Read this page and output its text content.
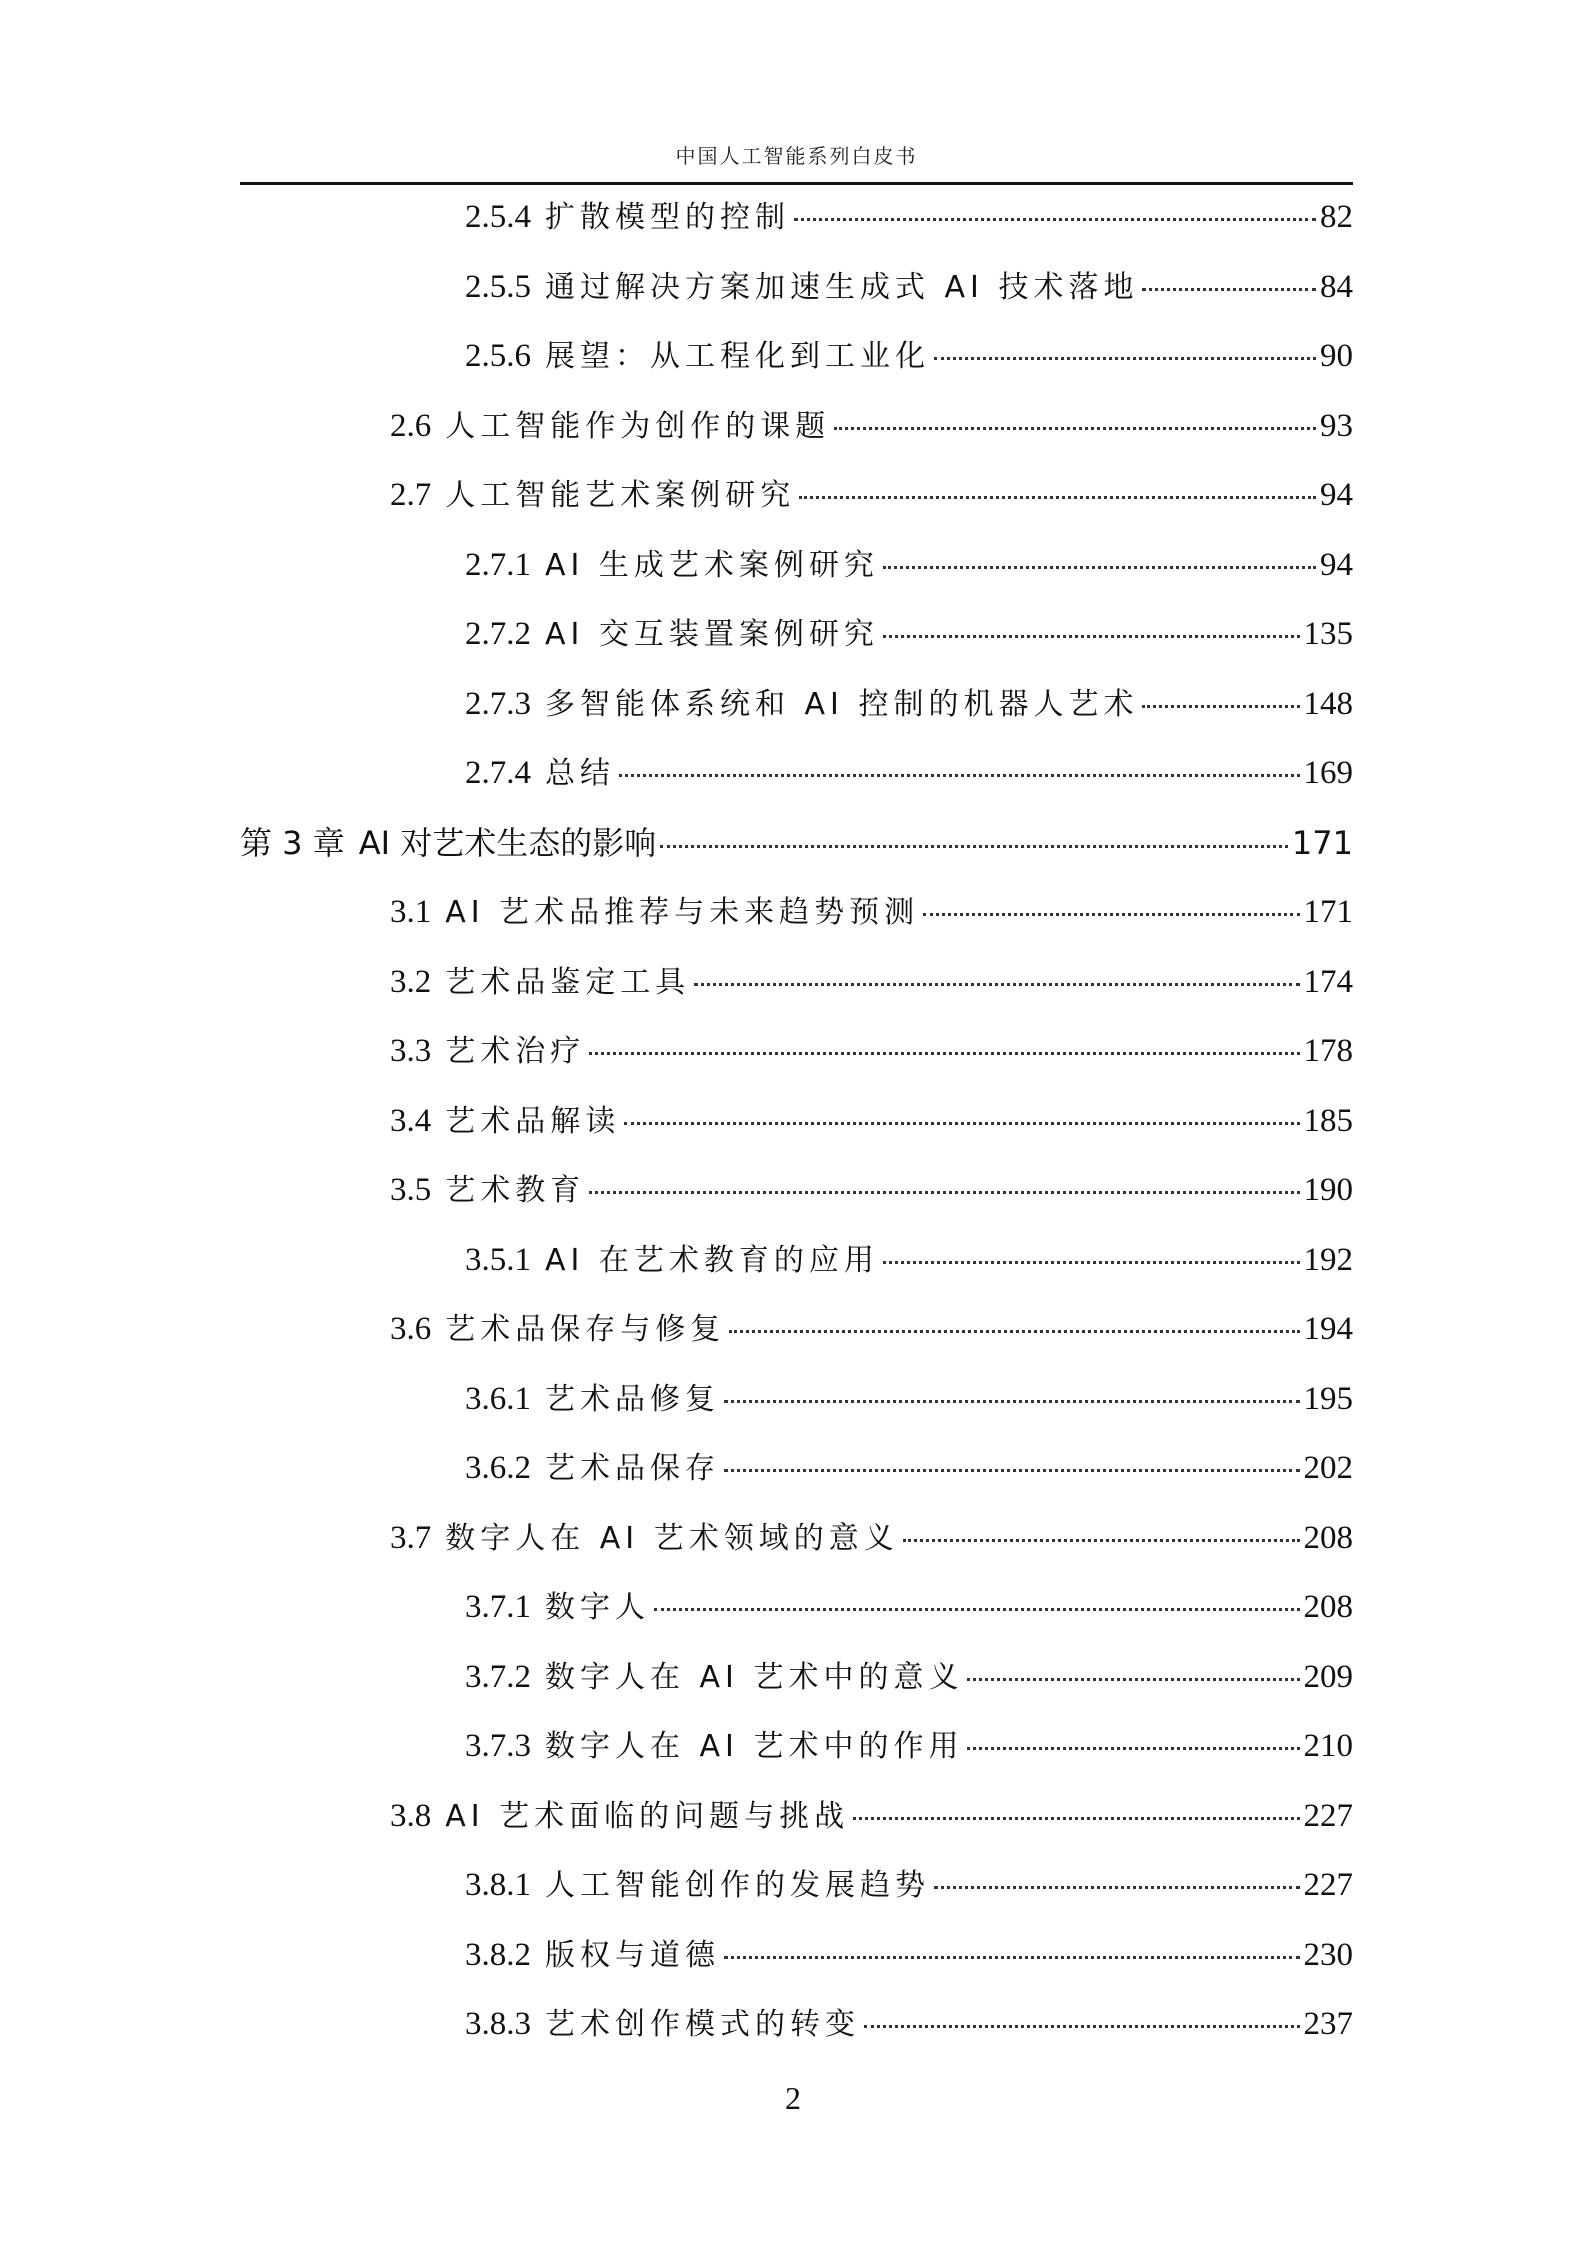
中国人工智能系列白皮书
2.5.4 扩散模型的控制	82
2.5.5 通过解决方案加速生成式 AI 技术落地	84
2.5.6 展望：从工程化到工业化	90
2.6 人工智能作为创作的课题	93
2.7 人工智能艺术案例研究	94
2.7.1 AI 生成艺术案例研究	94
2.7.2 AI 交互装置案例研究	135
2.7.3 多智能体系统和 AI 控制的机器人艺术	148
2.7.4 总结	169
第 3 章 AI 对艺术生态的影响	171
3.1 AI 艺术品推荐与未来趋势预测	171
3.2 艺术品鉴定工具	174
3.3 艺术治疗	178
3.4 艺术品解读	185
3.5 艺术教育	190
3.5.1 AI 在艺术教育的应用	192
3.6 艺术品保存与修复	194
3.6.1 艺术品修复	195
3.6.2 艺术品保存	202
3.7 数字人在 AI 艺术领域的意义	208
3.7.1 数字人	208
3.7.2 数字人在 AI 艺术中的意义	209
3.7.3 数字人在 AI 艺术中的作用	210
3.8 AI 艺术面临的问题与挑战	227
3.8.1 人工智能创作的发展趋势	227
3.8.2 版权与道德	230
3.8.3 艺术创作模式的转变	237
2
